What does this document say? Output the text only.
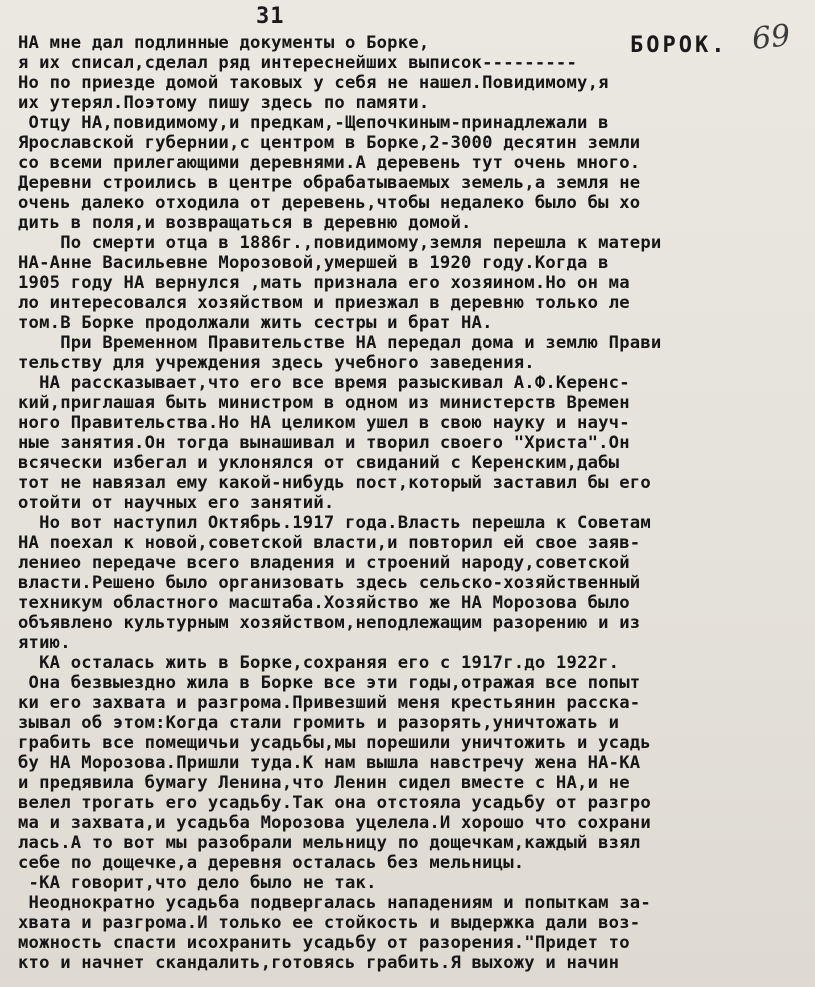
31
БОРОК. 69
НА мне дал подлинные документы о Борке,
я их списал,сделал ряд интереснейших выписок---------
Но по приезде домой таковых у себя не нашел.Повидимому,я
их утерял.Поэтому пишу здесь по памяти.
Отцу НА,повидимому,и предкам,-Щепочкиным-принадлежали в
Ярославской губернии,с центром в Борке,2-3000 десятин земли
со всеми прилегающими деревнями.А деревень тут очень много.
Деревни строились в центре обрабатываемых земель,а земля не
очень далеко отходила от деревень,чтобы недалеко было бы хо
дить в поля,и возвращаться в деревню домой.
По смерти отца в 1886г.,повидимому,земля перешла к матери
НА-Анне Васильевне Морозовой,умершей в 1920 году.Когда в
1905 году НА вернулся ,мать признала его хозяином.Но он ма
ло интересовался хозяйством и приезжал в деревню только ле
том.В Борке продолжали жить сестры и брат НА.
При Временном Правительстве НА передал дома и землю Прави
тельству для учреждения здесь учебного заведения.
НА рассказывает,что его все время разыскивал А.Ф.Керенс-
кий,приглашая быть министром в одном из министерств Времен
ного Правительства.Но НА целиком ушел в свою науку и науч-
ные занятия.Он тогда вынашивал и творил своего "Христа".Он
всячески избегал и уклонялся от свиданий с Керенским,дабы
тот не навязал ему какой-нибудь пост,который заставил бы его
отойти от научных его занятий.
Но вот наступил Октябрь.1917 года.Власть перешла к Советам
НА поехал к новой,советской власти,и повторил ей свое заяв-
лениео передаче всего владения и строений народу,советской
власти.Решено было организовать здесь сельско-хозяйственный
техникум областного масштаба.Хозяйство же НА Морозова было
объявлено культурным хозяйством,неподлежащим разорению и из
ятию.
КА осталась жить в Борке,сохраняя его с 1917г.до 1922г.
Она безвыездно жила в Борке все эти годы,отражая все попыт
ки его захвата и разгрома.Привезший меня крестьянин расска-
зывал об этом:Когда стали громить и разорять,уничтожать и
грабить все помещичьи усадьбы,мы порешили уничтожить и усадь
бу НА Морозова.Пришли туда.К нам вышла навстречу жена НА-КА
и предявила бумагу Ленина,что Ленин сидел вместе с НА,и не
велел трогать его усадьбу.Так она отстояла усадьбу от разгро
ма и захвата,и усадьба Морозова уцелела.И хорошо что сохрани
лась.А то вот мы разобрали мельницу по дощечкам,каждый взял
себе по дощечке,а деревня осталась без мельницы.
-КА говорит,что дело было не так.
Неоднократно усадьба подвергалась нападениям и попыткам за-
хвата и разгрома.И только ее стойкость и выдержка дали воз-
можность спасти исохранить усадьбу от разорения."Придет то
кто и начнет скандалить,готовясь грабить.Я выхожу и начин
